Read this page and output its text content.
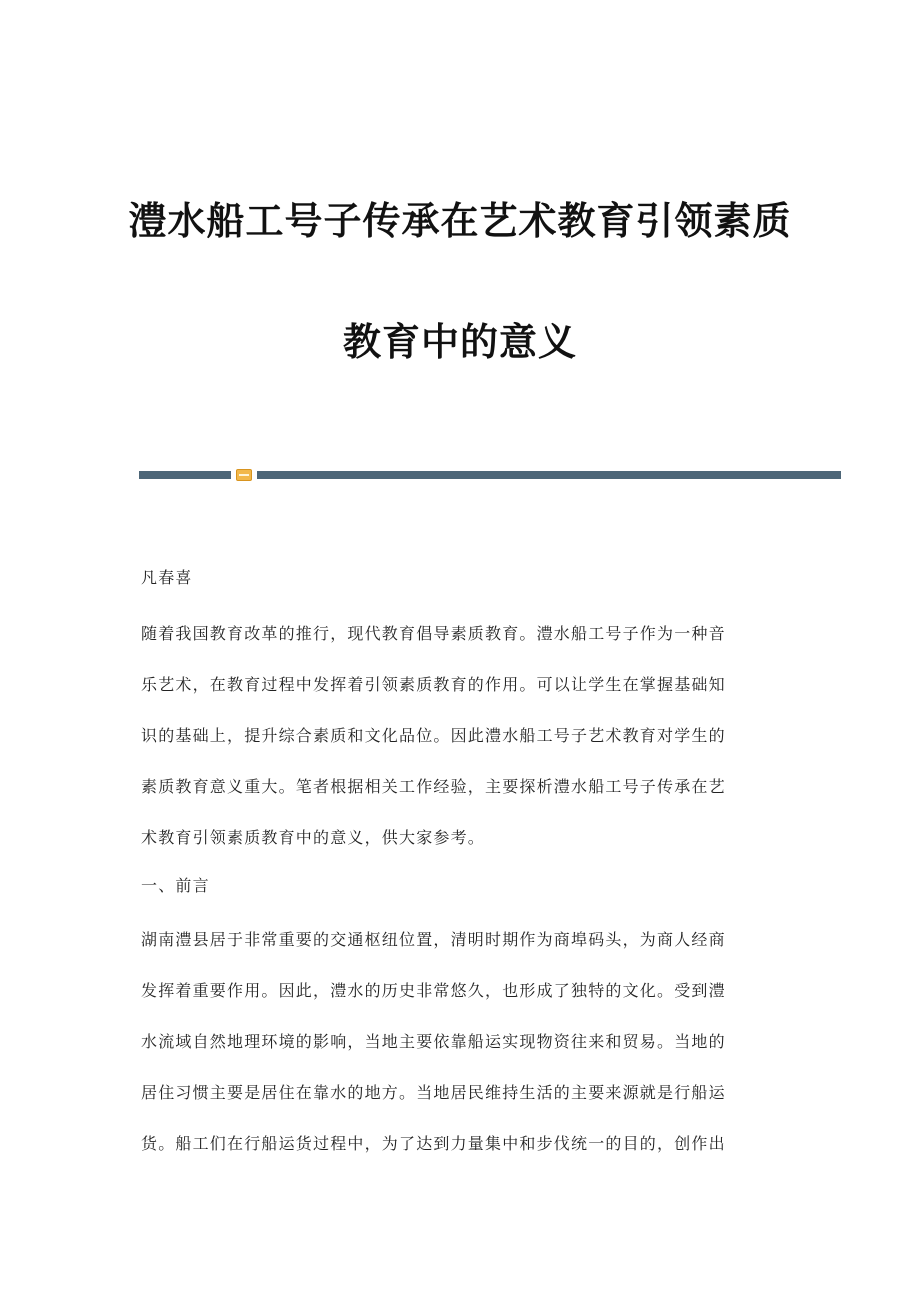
澧水船工号子传承在艺术教育引领素质
教育中的意义
凡春喜
随着我国教育改革的推行，现代教育倡导素质教育。澧水船工号子作为一种音
乐艺术，在教育过程中发挥着引领素质教育的作用。可以让学生在掌握基础知
识的基础上，提升综合素质和文化品位。因此澧水船工号子艺术教育对学生的
素质教育意义重大。笔者根据相关工作经验，主要探析澧水船工号子传承在艺
术教育引领素质教育中的意义，供大家参考。
一、前言
湖南澧县居于非常重要的交通枢纽位置，清明时期作为商埠码头，为商人经商
发挥着重要作用。因此，澧水的历史非常悠久，也形成了独特的文化。受到澧
水流域自然地理环境的影响，当地主要依靠船运实现物资往来和贸易。当地的
居住习惯主要是居住在靠水的地方。当地居民维持生活的主要来源就是行船运
货。船工们在行船运货过程中，为了达到力量集中和步伐统一的目的，创作出
